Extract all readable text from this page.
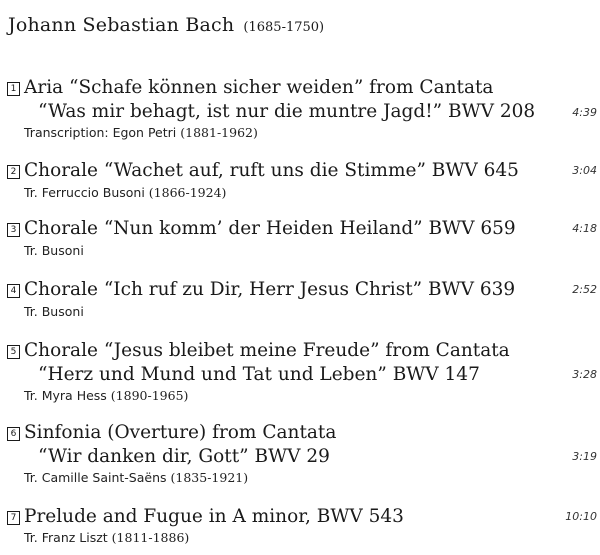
Johann Sebastian Bach (1685-1750)
1 Aria “Schafe können sicher weiden” from Cantata
“Was mir behagt, ist nur die muntre Jagd!” BWV 208	4:39
Transcription: Egon Petri (1881-1962)
2 Chorale “Wachet auf, ruft uns die Stimme” BWV 645	3:04
Tr. Ferruccio Busoni (1866-1924)
3 Chorale “Nun komm’ der Heiden Heiland” BWV 659	4:18
Tr. Busoni
4 Chorale “Ich ruf zu Dir, Herr Jesus Christ” BWV 639	2:52
Tr. Busoni
5 Chorale “Jesus bleibet meine Freude” from Cantata
“Herz und Mund und Tat und Leben” BWV 147	3:28
Tr. Myra Hess (1890-1965)
6 Sinfonia (Overture) from Cantata
“Wir danken dir, Gott” BWV 29	3:19
Tr. Camille Saint-Saëns (1835-1921)
7 Prelude and Fugue in A minor, BWV 543	10:10
Tr. Franz Liszt (1811-1886)
